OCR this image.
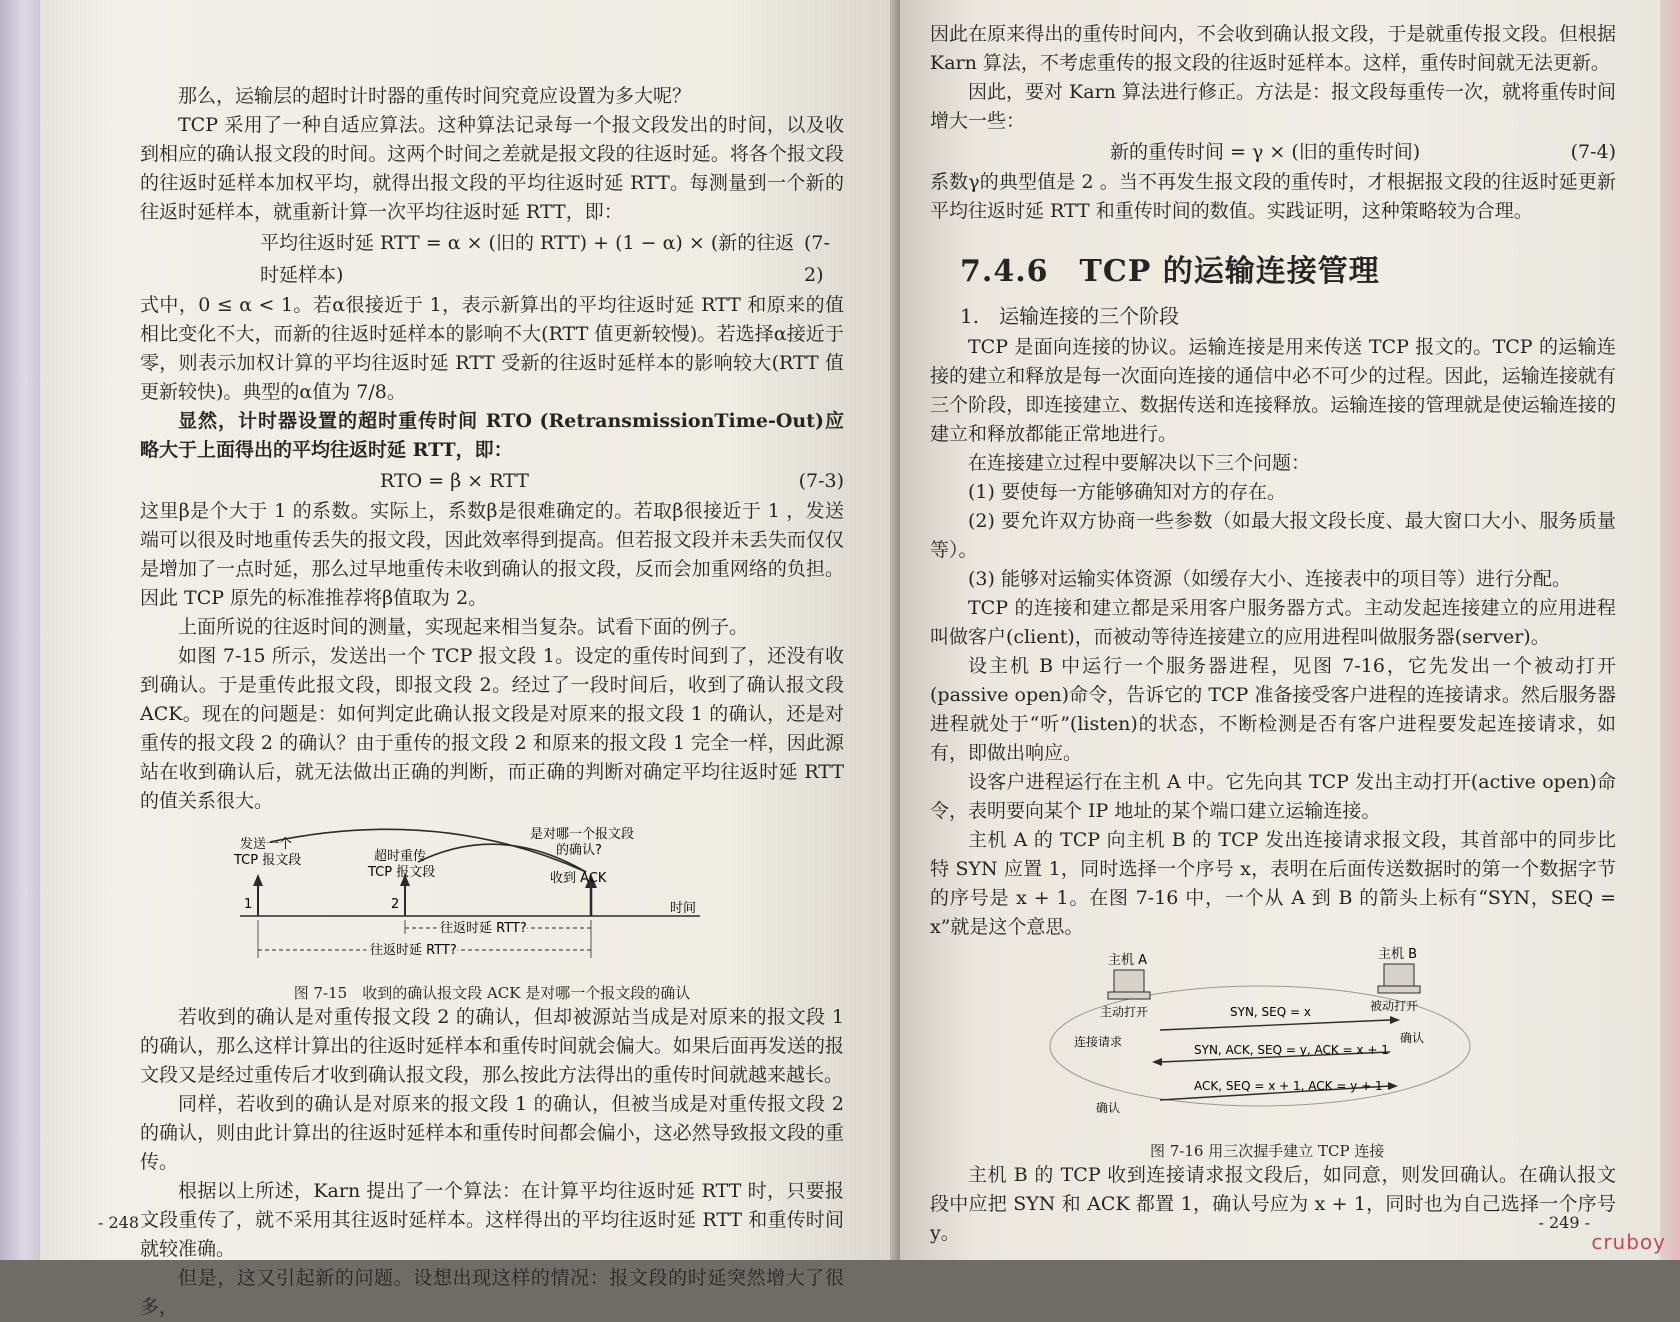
那么，运输层的超时计时器的重传时间究竟应设置为多大呢？

TCP 采用了一种自适应算法。这种算法记录每一个报文段发出的时间，以及收到相应的确认报文段的时间。这两个时间之差就是报文段的往返时延。将各个报文段的往返时延样本加权平均，就得出报文段的平均往返时延 RTT。每测量到一个新的往返时延样本，就重新计算一次平均往返时延 RTT，即：

平均往返时延 RTT = α × (旧的 RTT) + (1 − α) × (新的往返时延样本)
(7-2)

式中，0 ≤ α < 1。若α很接近于 1，表示新算出的平均往返时延 RTT 和原来的值相比变化不大，而新的往返时延样本的影响不大(RTT 值更新较慢)。若选择α接近于零，则表示加权计算的平均往返时延 RTT 受新的往返时延样本的影响较大(RTT 值更新较快)。典型的α值为 7/8。

显然，计时器设置的超时重传时间 RTO (RetransmissionTime-Out)应略大于上面得出的平均往返时延 RTT，即：

RTO = β × RTT	(7-3)

这里β是个大于 1 的系数。实际上，系数β是很难确定的。若取β很接近于 1 ，发送端可以很及时地重传丢失的报文段，因此效率得到提高。但若报文段并未丢失而仅仅是增加了一点时延，那么过早地重传未收到确认的报文段，反而会加重网络的负担。因此 TCP 原先的标准推荐将β值取为 2。

上面所说的往返时间的测量，实现起来相当复杂。试看下面的例子。

如图 7-15 所示，发送出一个 TCP 报文段 1。设定的重传时间到了，还没有收到确认。于是重传此报文段，即报文段 2。经过了一段时间后，收到了确认报文段 ACK。现在的问题是：如何判定此确认报文段是对原来的报文段 1 的确认，还是对重传的报文段 2 的确认？由于重传的报文段 2 和原来的报文段 1 完全一样，因此源站在收到确认后，就无法做出正确的判断，而正确的判断对确定平均往返时延 RTT 的值关系很大。

时间
1	2
发送一个
TCP 报文段	超时重传
TCP 报文段
是对哪一个报文段
的确认?
收到 ACK
往返时延 RTT?
往返时延 RTT?
图 7-15　收到的确认报文段 ACK 是对哪一个报文段的确认

若收到的确认是对重传报文段 2 的确认，但却被源站当成是对原来的报文段 1 的确认，那么这样计算出的往返时延样本和重传时间就会偏大。如果后面再发送的报文段又是经过重传后才收到确认报文段，那么按此方法得出的重传时间就越来越长。

同样，若收到的确认是对原来的报文段 1 的确认，但被当成是对重传报文段 2 的确认，则由此计算出的往返时延样本和重传时间都会偏小，这必然导致报文段的重传。

根据以上所述，Karn 提出了一个算法：在计算平均往返时延 RTT 时，只要报文段重传了，就不采用其往返时延样本。这样得出的平均往返时延 RTT 和重传时间就较准确。

但是，这又引起新的问题。设想出现这样的情况：报文段的时延突然增大了很多，

- 248 -

因此在原来得出的重传时间内，不会收到确认报文段，于是就重传报文段。但根据 Karn 算法，不考虑重传的报文段的往返时延样本。这样，重传时间就无法更新。

因此，要对 Karn 算法进行修正。方法是：报文段每重传一次，就将重传时间增大一些：

新的重传时间 = γ × (旧的重传时间)	(7-4)

系数γ的典型值是 2 。当不再发生报文段的重传时，才根据报文段的往返时延更新平均往返时延 RTT 和重传时间的数值。实践证明，这种策略较为合理。

7.4.6　TCP 的运输连接管理
1.　运输连接的三个阶段

TCP 是面向连接的协议。运输连接是用来传送 TCP 报文的。TCP 的运输连接的建立和释放是每一次面向连接的通信中必不可少的过程。因此，运输连接就有三个阶段，即连接建立、数据传送和连接释放。运输连接的管理就是使运输连接的建立和释放都能正常地进行。

在连接建立过程中要解决以下三个问题：

(1) 要使每一方能够确知对方的存在。

(2) 要允许双方协商一些参数（如最大报文段长度、最大窗口大小、服务质量等）。

(3) 能够对运输实体资源（如缓存大小、连接表中的项目等）进行分配。

TCP 的连接和建立都是采用客户服务器方式。主动发起连接建立的应用进程叫做客户(client)，而被动等待连接建立的应用进程叫做服务器(server)。

设主机 B 中运行一个服务器进程，见图 7-16，它先发出一个被动打开(passive open)命令，告诉它的 TCP 准备接受客户进程的连接请求。然后服务器进程就处于“听”(listen)的状态，不断检测是否有客户进程要发起连接请求，如有，即做出响应。

设客户进程运行在主机 A 中。它先向其 TCP 发出主动打开(active open)命令，表明要向某个 IP 地址的某个端口建立运输连接。

主机 A 的 TCP 向主机 B 的 TCP 发出连接请求报文段，其首部中的同步比特 SYN 应置 1，同时选择一个序号 x，表明在后面传送数据时的第一个数据字节的序号是 x + 1。在图 7-16 中，一个从 A 到 B 的箭头上标有“SYN，SEQ = x”就是这个意思。

主机 A	主机 B
主动打开	被动打开
连接请求	确认
确认
SYN, SEQ = x
SYN, ACK, SEQ = y, ACK = x + 1
ACK, SEQ = x + 1, ACK = y + 1
图 7-16 用三次握手建立 TCP 连接

主机 B 的 TCP 收到连接请求报文段后，如同意，则发回确认。在确认报文段中应把 SYN 和 ACK 都置 1，确认号应为 x + 1，同时也为自己选择一个序号 y。	- 249 -
cruboy
